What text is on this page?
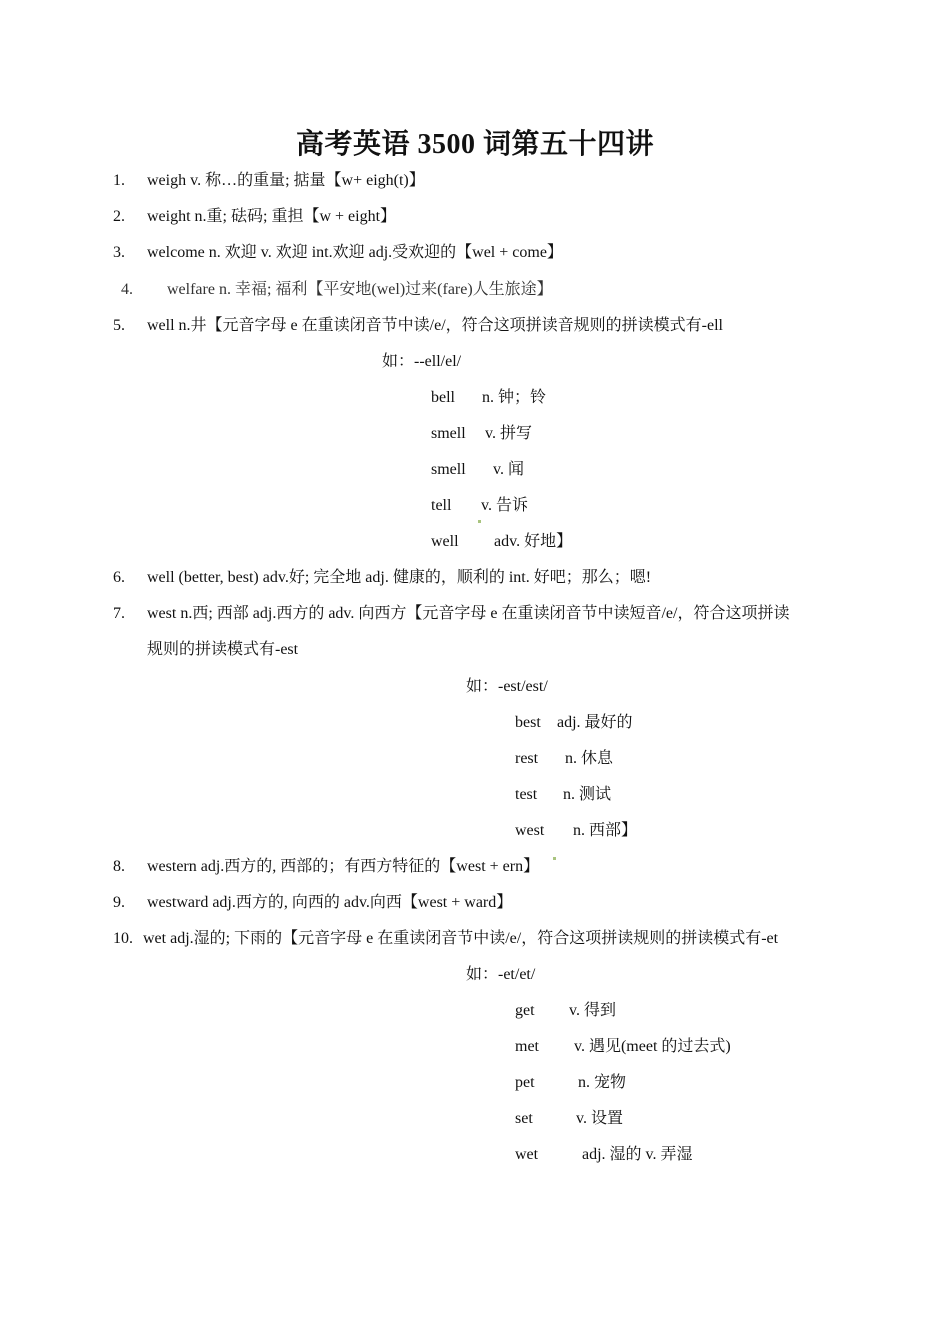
高考英语 3500 词第五十四讲
1. weigh v. 称…的重量; 掂量【w+ eigh(t)】
2. weight n.重; 砝码; 重担【w + eight】
3. welcome n. 欢迎 v. 欢迎 int.欢迎 adj.受欢迎的【wel + come】
4. welfare n. 幸福; 福利【平安地(wel)过来(fare)人生旅途】
5. well n.井【元音字母 e 在重读闭音节中读/e/，符合这项拼读音规则的拼读模式有-ell
如：--ell/el/
bell n. 钟；铃
smell v. 拼写
smell v. 闻
tell v. 告诉
well adv. 好地】
6. well (better, best) adv.好; 完全地 adj. 健康的，顺利的 int. 好吧；那么；嗯!
7. west n.西; 西部 adj.西方的 adv. 向西方【元音字母 e 在重读闭音节中读短音/e/，符合这项拼读
规则的拼读模式有-est
如：-est/est/
best adj. 最好的
rest n. 休息
test n. 测试
west n. 西部】
8. western adj.西方的, 西部的；有西方特征的【west + ern】
9. westward adj.西方的, 向西的 adv.向西【west + ward】
10. wet adj.湿的; 下雨的【元音字母 e 在重读闭音节中读/e/，符合这项拼读规则的拼读模式有-et
如：-et/et/
get v. 得到
met v. 遇见(meet 的过去式)
pet	n. 宠物
set	v. 设置
wet	adj. 湿的 v. 弄湿
